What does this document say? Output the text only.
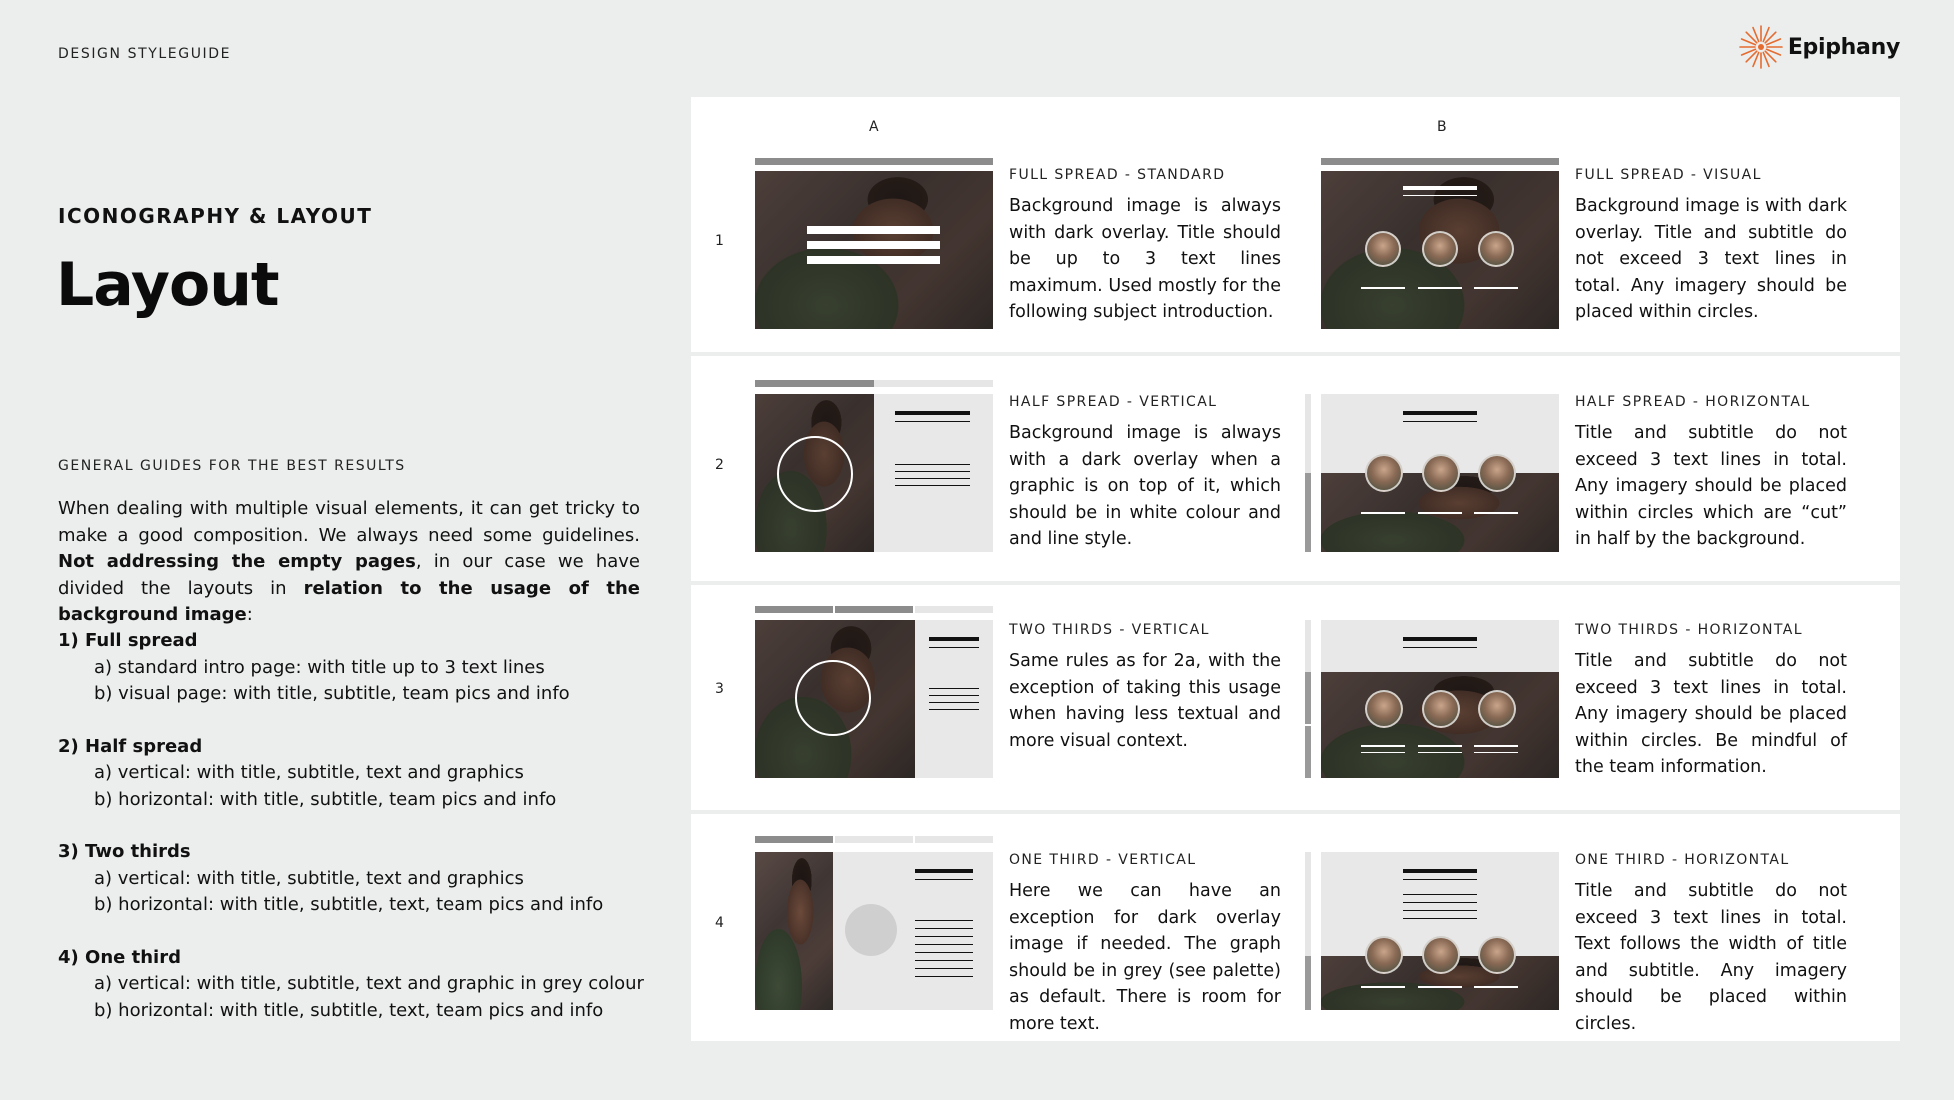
DESIGN STYLEGUIDE	Epiphany
ICONOGRAPHY & LAYOUT
Layout
GENERAL GUIDES FOR THE BEST RESULTS
When dealing with multiple visual elements, it can get tricky to make a good composition. We always need some guidelines. Not addressing the empty pages, in our case we have divided the layouts in relation to the usage of the background image:
1) Full spread
a) standard intro page: with title up to 3 text lines
b) visual page: with title, subtitle, team pics and info
2) Half spread
a) vertical: with title, subtitle, text and graphics
b) horizontal: with title, subtitle, team pics and info
3) Two thirds
a) vertical: with title, subtitle, text and graphics
b) horizontal: with title, subtitle, text, team pics and info
4) One third
a) vertical: with title, subtitle, text and graphic in grey colour
b) horizontal: with title, subtitle, text, team pics and info
A	B
1
FULL SPREAD - STANDARD
Background image is always with dark overlay. Title should be up to 3 text lines maximum. Used mostly for the following subject introduction.
FULL SPREAD - VISUAL
Background image is with dark overlay. Title and subtitle do not exceed 3 text lines in total. Any imagery should be placed within circles.
2
HALF SPREAD - VERTICAL
Background image is always with a dark overlay when a graphic is on top of it, which should be in white colour and and line style.
HALF SPREAD - HORIZONTAL
Title and subtitle do not exceed 3 text lines in total. Any imagery should be placed within circles which are “cut” in half by the background.
3
TWO THIRDS - VERTICAL
Same rules as for 2a, with the exception of taking this usage when having less textual and more visual context.
TWO THIRDS - HORIZONTAL
Title and subtitle do not exceed 3 text lines in total. Any imagery should be placed within circles. Be mindful of the team information.
4
ONE THIRD - VERTICAL
Here we can have an exception for dark overlay image if needed. The graph should be in grey (see palette) as default. There is room for more text.
ONE THIRD - HORIZONTAL
Title and subtitle do not exceed 3 text lines in total. Text follows the width of title and subtitle. Any imagery should be placed within circles.
